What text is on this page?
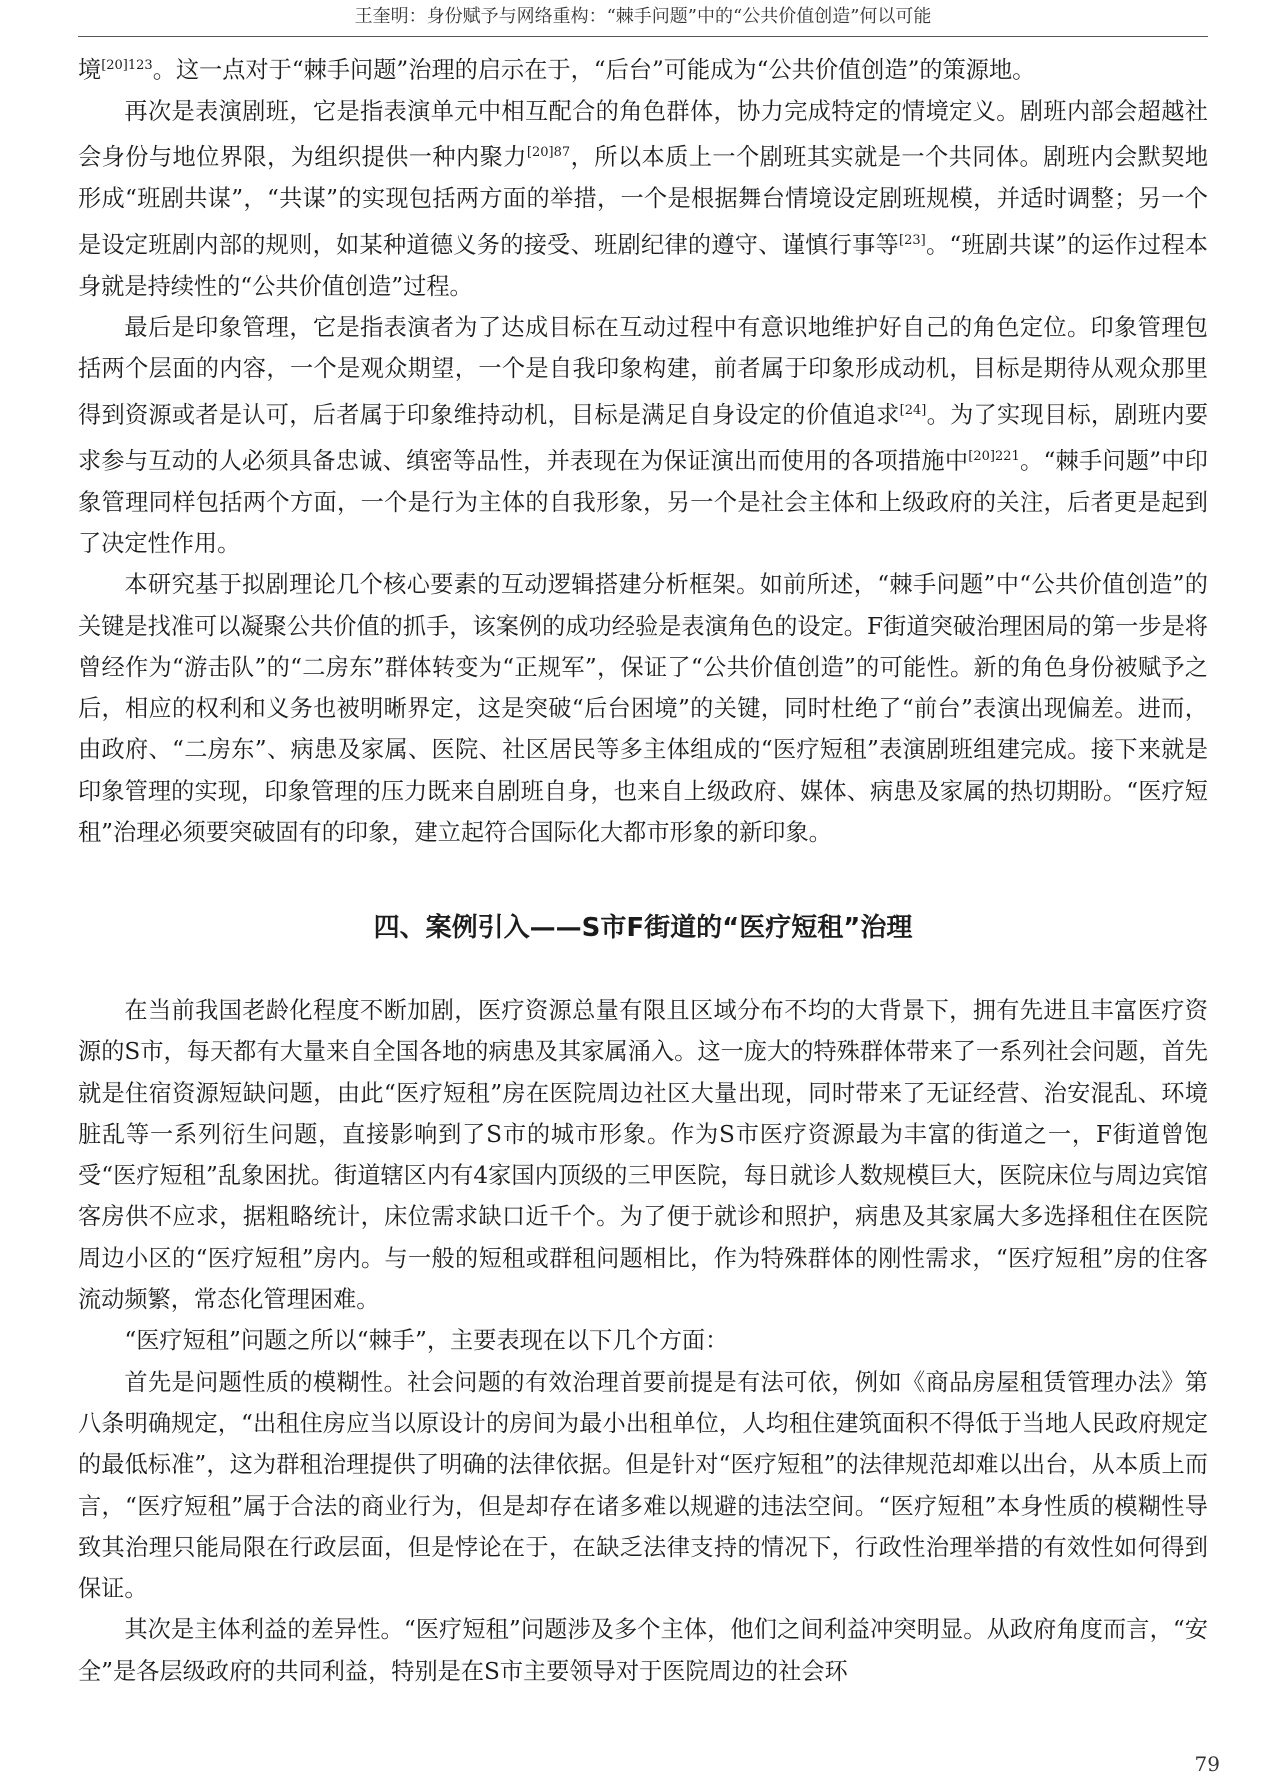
王奎明：身份赋予与网络重构：“棘手问题”中的“公共价值创造”何以可能

境$^{[20]123}$。这一点对于“棘手问题”治理的启示在于，“后台”可能成为“公共价值创造”的策源地。

再次是表演剧班，它是指表演单元中相互配合的角色群体，协力完成特定的情境定义。剧班内部会超越社会身份与地位界限，为组织提供一种内聚力$^{[20]87}$，所以本质上一个剧班其实就是一个共同体。剧班内会默契地形成“班剧共谋”，“共谋”的实现包括两方面的举措，一个是根据舞台情境设定剧班规模，并适时调整；另一个是设定班剧内部的规则，如某种道德义务的接受、班剧纪律的遵守、谨慎行事等[23]。“班剧共谋”的运作过程本身就是持续性的“公共价值创造”过程。

最后是印象管理，它是指表演者为了达成目标在互动过程中有意识地维护好自己的角色定位。印象管理包括两个层面的内容，一个是观众期望，一个是自我印象构建，前者属于印象形成动机，目标是期待从观众那里得到资源或者是认可，后者属于印象维持动机，目标是满足自身设定的价值追求[24]。为了实现目标，剧班内要求参与互动的人必须具备忠诚、缜密等品性，并表现在为保证演出而使用的各项措施中$^{[20]221}$。“棘手问题”中印象管理同样包括两个方面，一个是行为主体的自我形象，另一个是社会主体和上级政府的关注，后者更是起到了决定性作用。

本研究基于拟剧理论几个核心要素的互动逻辑搭建分析框架。如前所述，“棘手问题”中“公共价值创造”的关键是找准可以凝聚公共价值的抓手，该案例的成功经验是表演角色的设定。F街道突破治理困局的第一步是将曾经作为“游击队”的“二房东”群体转变为“正规军”，保证了“公共价值创造”的可能性。新的角色身份被赋予之后，相应的权利和义务也被明晰界定，这是突破“后台困境”的关键，同时杜绝了“前台”表演出现偏差。进而，由政府、“二房东”、病患及家属、医院、社区居民等多主体组成的“医疗短租”表演剧班组建完成。接下来就是印象管理的实现，印象管理的压力既来自剧班自身，也来自上级政府、媒体、病患及家属的热切期盼。“医疗短租”治理必须要突破固有的印象，建立起符合国际化大都市形象的新印象。

四、案例引入——S市F街道的“医疗短租”治理

在当前我国老龄化程度不断加剧，医疗资源总量有限且区域分布不均的大背景下，拥有先进且丰富医疗资源的S市，每天都有大量来自全国各地的病患及其家属涌入。这一庞大的特殊群体带来了一系列社会问题，首先就是住宿资源短缺问题，由此“医疗短租”房在医院周边社区大量出现，同时带来了无证经营、治安混乱、环境脏乱等一系列衍生问题，直接影响到了S市的城市形象。作为S市医疗资源最为丰富的街道之一，F街道曾饱受“医疗短租”乱象困扰。街道辖区内有4家国内顶级的三甲医院，每日就诊人数规模巨大，医院床位与周边宾馆客房供不应求，据粗略统计，床位需求缺口近千个。为了便于就诊和照护，病患及其家属大多选择租住在医院周边小区的“医疗短租”房内。与一般的短租或群租问题相比，作为特殊群体的刚性需求，“医疗短租”房的住客流动频繁，常态化管理困难。

“医疗短租”问题之所以“棘手”，主要表现在以下几个方面：

首先是问题性质的模糊性。社会问题的有效治理首要前提是有法可依，例如《商品房屋租赁管理办法》第八条明确规定，“出租住房应当以原设计的房间为最小出租单位，人均租住建筑面积不得低于当地人民政府规定的最低标准”，这为群租治理提供了明确的法律依据。但是针对“医疗短租”的法律规范却难以出台，从本质上而言，“医疗短租”属于合法的商业行为，但是却存在诸多难以规避的违法空间。“医疗短租”本身性质的模糊性导致其治理只能局限在行政层面，但是悖论在于，在缺乏法律支持的情况下，行政性治理举措的有效性如何得到保证。

其次是主体利益的差异性。“医疗短租”问题涉及多个主体，他们之间利益冲突明显。从政府角度而言，“安全”是各层级政府的共同利益，特别是在S市主要领导对于医院周边的社会环

79
